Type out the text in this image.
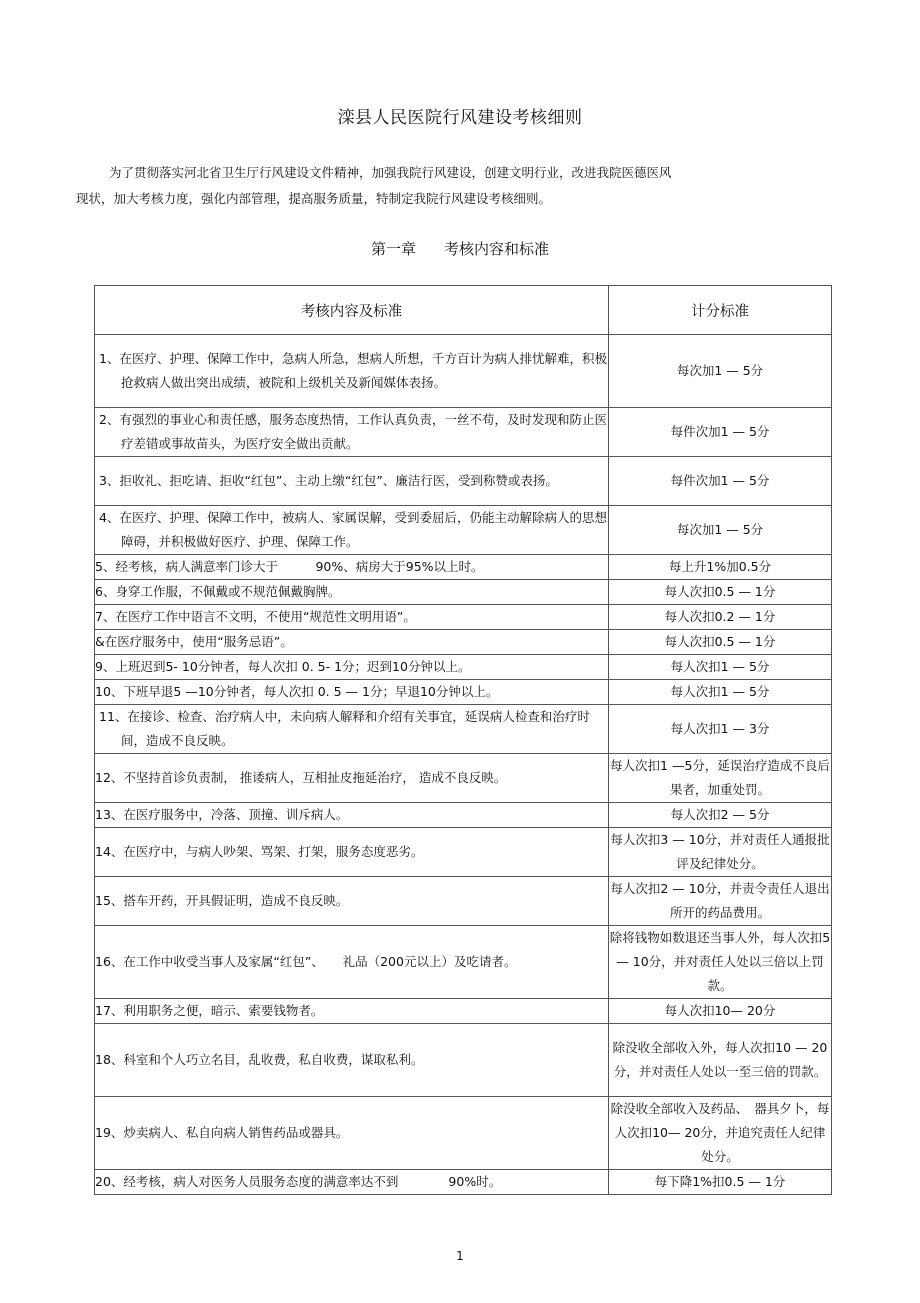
滦县人民医院行风建设考核细则
为了贯彻落实河北省卫生厅行风建设文件精神，加强我院行风建设，创建文明行业，改进我院医德医风
现状，加大考核力度，强化内部管理，提高服务质量，特制定我院行风建设考核细则。
第一章 考核内容和标准
考核内容及标准	计分标准

1、在医疗、护理、保障工作中，急病人所急，想病人所想，千方百计为病人排忧解难，积极抢救病人做出突出成绩，被院和上级机关及新闻媒体表扬。	每次加1 — 5分

2、有强烈的事业心和责任感，服务态度热情，工作认真负责，一丝不苟，及时发现和防止医疗差错或事故苗头，为医疗安全做出贡献。	每件次加1 — 5分

3、拒收礼、拒吃请、拒收“红包”、主动上缴“红包”、廉洁行医，受到称赞或表扬。	每件次加1 — 5分

4、在医疗、护理、保障工作中，被病人、家属误解，受到委屈后，仍能主动解除病人的思想障碍，并积极做好医疗、护理、保障工作。	每次加1 — 5分
5、经考核，病人满意率门诊大于　　　90%、病房大于95%以上时。	每上升1%加0.5分
6、身穿工作服，不佩戴或不规范佩戴胸牌。	每人次扣0.5 — 1分
7、在医疗工作中语言不文明，不使用“规范性文明用语”。	每人次扣0.2 — 1分
&在医疗服务中，使用“服务忌语”。	每人次扣0.5 — 1分
9、上班迟到5- 10分钟者，每人次扣 0. 5- 1分；迟到10分钟以上。	每人次扣1 — 5分
10、下班早退5 —10分钟者，每人次扣 0. 5 — 1分；早退10分钟以上。	每人次扣1 — 5分

11、在接诊、检查、治疗病人中，未向病人解释和介绍有关事宜，延误病人检查和治疗时间，造成不良反映。	每人次扣1 — 3分
12、不坚持首诊负责制， 推诿病人，互相扯皮拖延治疗， 造成不良反映。	每人次扣1 —5分，延误治疗造成不良后果者，加重处罚。
13、在医疗服务中，冷落、顶撞、训斥病人。	每人次扣2 — 5分
14、在医疗中，与病人吵架、骂架、打架，服务态度恶劣。	每人次扣3 — 10分，并对责任人通报批评及纪律处分。
15、搭车开药，开具假证明，造成不良反映。	每人次扣2 — 10分，并责令责任人退出所开的药品费用。
16、在工作中收受当事人及家属“红包”、　　礼品（200元以上）及吃请者。	除将钱物如数退还当事人外，每人次扣5 — 10分，并对责任人处以三倍以上罚款。
17、利用职务之便，暗示、索要钱物者。	每人次扣10— 20分
18、科室和个人巧立名目，乱收费，私自收费，谋取私利。	除没收全部收入外，每人次扣10 — 20分，并对责任人处以一至三倍的罚款。
19、炒卖病人、私自向病人销售药品或器具。	除没收全部收入及药品、　器具夕卜，每人次扣10— 20分，并追究责任人纪律处分。
20、经考核，病人对医务人员服务态度的满意率达不到　　　　90%时。	每下降1%扣0.5 — 1分
1
